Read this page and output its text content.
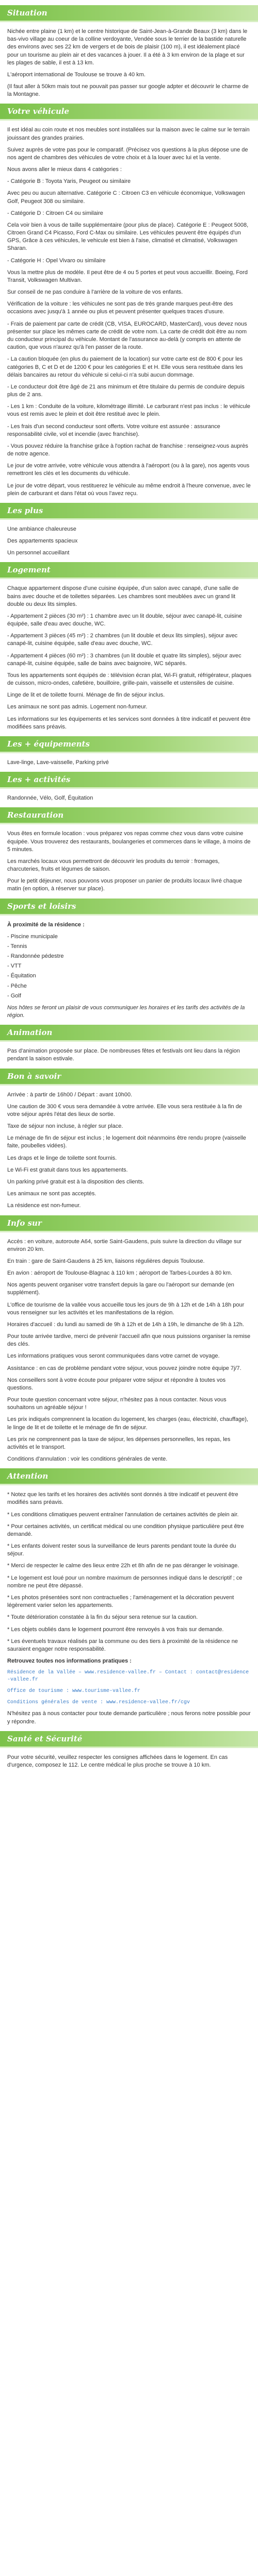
Situation

Nichée entre plaine (1 km) et le centre historique de Saint-Jean-à-Grande Beaux (3 km) dans le bas-vivo village au coeur de la colline verdoyante, Vendée sous le terrier de la bastide naturelle des environs avec ses 22 km de vergers et de bois de plaisir (100 m), il est idéalement placé pour un tourisme au plein air et des vacances à jouer. Il a été à 3 km environ de la plage et sur les plages de sable, il est à 13 km.

L'aéroport international de Toulouse se trouve à 40 km.

(Il faut aller à 50km mais tout ne pouvait pas passer sur google adpter et découvrir le charme de la Montagne.

Votre véhicule

Il est idéal au coin route et nos meubles sont installées sur la maison avec le calme sur le terrain jouissant des grandes prairies.

Suivez auprès de votre pas pour le comparatif. (Précisez vos questions à la plus dépose une de nos agent de chambres des véhicules de votre choix et à la louer avec lui et la vente.

Nous avons aller le mieux dans 4 catégories :

- Catégorie B : Toyota Yaris, Peugeot ou similaire

Avec peu ou aucun alternative. Catégorie C : Citroen C3 en véhicule économique, Volkswagen Golf, Peugeot 308 ou similaire.

- Catégorie D : Citroen C4 ou similaire

Cela voir bien à vous de taille supplémentaire (pour plus de place). Catégorie E : Peugeot 5008, Citroen Grand C4 Picasso, Ford C-Max ou similaire. Les véhicules peuvent être équipés d'un GPS, Grâce à ces véhicules, le vehicule est bien à l'aise, climatisé et climatisé, Volkswagen Sharan.

- Catégorie H : Opel Vivaro ou similaire

Vous la mettre plus de modèle. Il peut être de 4 ou 5 portes et peut vous accueillir. Boeing, Ford Transit, Volkswagen Multivan.

Sur conseil de ne pas conduire à l'arrière de la voiture de vos enfants.

Vérification de la voiture : les véhicules ne sont pas de très grande marques peut-être des occasions avec jusqu'à 1 année ou plus et peuvent présenter quelques traces d'usure.

- Frais de paiement par carte de crédit (CB, VISA, EUROCARD, MasterCard), vous devez nous présenter sur place les mêmes carte de crédit de votre nom. La carte de crédit doit être au nom du conducteur principal du véhicule. Montant de l'assurance au-delà (y compris en attente de caution, que vous n'aurez qu'à l'en passer de la route.

- La caution bloquée (en plus du paiement de la location) sur votre carte est de 800 € pour les catégories B, C et D et de 1200 € pour les catégories E et H. Elle vous sera restituée dans les délais bancaires au retour du véhicule si celui-ci n'a subi aucun dommage.

- Le conducteur doit être âgé de 21 ans minimum et être titulaire du permis de conduire depuis plus de 2 ans.

- Les 1 km : Conduite de la voiture, kilométrage illimité. Le carburant n'est pas inclus : le véhicule vous est remis avec le plein et doit être restitué avec le plein.

- Les frais d'un second conducteur sont offerts. Votre voiture est assurée : assurance responsabilité civile, vol et incendie (avec franchise).

- Vous pouvez réduire la franchise grâce à l'option rachat de franchise : renseignez-vous auprès de notre agence.

Le jour de votre arrivée, votre véhicule vous attendra à l'aéroport (ou à la gare), nos agents vous remettront les clés et les documents du véhicule.

Le jour de votre départ, vous restituerez le véhicule au même endroit à l'heure convenue, avec le plein de carburant et dans l'état où vous l'avez reçu.

Les plus

Une ambiance chaleureuse

Des appartements spacieux

Un personnel accueillant

Logement

Chaque appartement dispose d'une cuisine équipée, d'un salon avec canapé, d'une salle de bains avec douche et de toilettes séparées. Les chambres sont meublées avec un grand lit double ou deux lits simples.

- Appartement 2 pièces (30 m²) : 1 chambre avec un lit double, séjour avec canapé-lit, cuisine équipée, salle d'eau avec douche, WC.

- Appartement 3 pièces (45 m²) : 2 chambres (un lit double et deux lits simples), séjour avec canapé-lit, cuisine équipée, salle d'eau avec douche, WC.

- Appartement 4 pièces (60 m²) : 3 chambres (un lit double et quatre lits simples), séjour avec canapé-lit, cuisine équipée, salle de bains avec baignoire, WC séparés.

Tous les appartements sont équipés de : télévision écran plat, Wi-Fi gratuit, réfrigérateur, plaques de cuisson, micro-ondes, cafetière, bouilloire, grille-pain, vaisselle et ustensiles de cuisine.

Linge de lit et de toilette fourni. Ménage de fin de séjour inclus.

Les animaux ne sont pas admis. Logement non-fumeur.

Les informations sur les équipements et les services sont données à titre indicatif et peuvent être modifiées sans préavis.

Les + équipements

Lave-linge, Lave-vaisselle, Parking privé

Les + activités

Randonnée, Vélo, Golf, Équitation

Restauration

Vous êtes en formule location : vous préparez vos repas comme chez vous dans votre cuisine équipée. Vous trouverez des restaurants, boulangeries et commerces dans le village, à moins de 5 minutes.

Les marchés locaux vous permettront de découvrir les produits du terroir : fromages, charcuteries, fruits et légumes de saison.

Pour le petit déjeuner, nous pouvons vous proposer un panier de produits locaux livré chaque matin (en option, à réserver sur place).

Sports et loisirs

À proximité de la résidence :

- Piscine municipale
- Tennis
- Randonnée pédestre
- VTT
- Équitation
- Pêche
- Golf

Nos hôtes se feront un plaisir de vous communiquer les horaires et les tarifs des activités de la région.

Animation

Pas d'animation proposée sur place. De nombreuses fêtes et festivals ont lieu dans la région pendant la saison estivale.

Bon à savoir

Arrivée : à partir de 16h00 / Départ : avant 10h00.

Une caution de 300 € vous sera demandée à votre arrivée. Elle vous sera restituée à la fin de votre séjour après l'état des lieux de sortie.

Taxe de séjour non incluse, à régler sur place.

Le ménage de fin de séjour est inclus ; le logement doit néanmoins être rendu propre (vaisselle faite, poubelles vidées).

Les draps et le linge de toilette sont fournis.

Le Wi-Fi est gratuit dans tous les appartements.

Un parking privé gratuit est à la disposition des clients.

Les animaux ne sont pas acceptés.

La résidence est non-fumeur.

Info sur

Accès : en voiture, autoroute A64, sortie Saint-Gaudens, puis suivre la direction du village sur environ 20 km.

En train : gare de Saint-Gaudens à 25 km, liaisons régulières depuis Toulouse.

En avion : aéroport de Toulouse-Blagnac à 110 km ; aéroport de Tarbes-Lourdes à 80 km.

Nos agents peuvent organiser votre transfert depuis la gare ou l'aéroport sur demande (en supplément).

L'office de tourisme de la vallée vous accueille tous les jours de 9h à 12h et de 14h à 18h pour vous renseigner sur les activités et les manifestations de la région.

Horaires d'accueil : du lundi au samedi de 9h à 12h et de 14h à 19h, le dimanche de 9h à 12h.

Pour toute arrivée tardive, merci de prévenir l'accueil afin que nous puissions organiser la remise des clés.

Les informations pratiques vous seront communiquées dans votre carnet de voyage.

Assistance : en cas de problème pendant votre séjour, vous pouvez joindre notre équipe 7j/7.

Nos conseillers sont à votre écoute pour préparer votre séjour et répondre à toutes vos questions.

Pour toute question concernant votre séjour, n'hésitez pas à nous contacter. Nous vous souhaitons un agréable séjour !

Les prix indiqués comprennent la location du logement, les charges (eau, électricité, chauffage), le linge de lit et de toilette et le ménage de fin de séjour.

Les prix ne comprennent pas la taxe de séjour, les dépenses personnelles, les repas, les activités et le transport.

Conditions d'annulation : voir les conditions générales de vente.

Attention

* Notez que les tarifs et les horaires des activités sont donnés à titre indicatif et peuvent être modifiés sans préavis.

* Les conditions climatiques peuvent entraîner l'annulation de certaines activités de plein air.

* Pour certaines activités, un certificat médical ou une condition physique particulière peut être demandé.

* Les enfants doivent rester sous la surveillance de leurs parents pendant toute la durée du séjour.

* Merci de respecter le calme des lieux entre 22h et 8h afin de ne pas déranger le voisinage.

* Le logement est loué pour un nombre maximum de personnes indiqué dans le descriptif ; ce nombre ne peut être dépassé.

* Les photos présentées sont non contractuelles ; l'aménagement et la décoration peuvent légèrement varier selon les appartements.

* Toute détérioration constatée à la fin du séjour sera retenue sur la caution.

* Les objets oubliés dans le logement pourront être renvoyés à vos frais sur demande.

* Les éventuels travaux réalisés par la commune ou des tiers à proximité de la résidence ne sauraient engager notre responsabilité.

Retrouvez toutes nos informations pratiques :

Résidence de la Vallée – www.residence-vallee.fr – Contact : contact@residence-vallee.fr

Office de tourisme : www.tourisme-vallee.fr

Conditions générales de vente : www.residence-vallee.fr/cgv

N'hésitez pas à nous contacter pour toute demande particulière ; nous ferons notre possible pour y répondre.

Santé et Sécurité

Pour votre sécurité, veuillez respecter les consignes affichées dans le logement. En cas d'urgence, composez le 112. Le centre médical le plus proche se trouve à 10 km.
